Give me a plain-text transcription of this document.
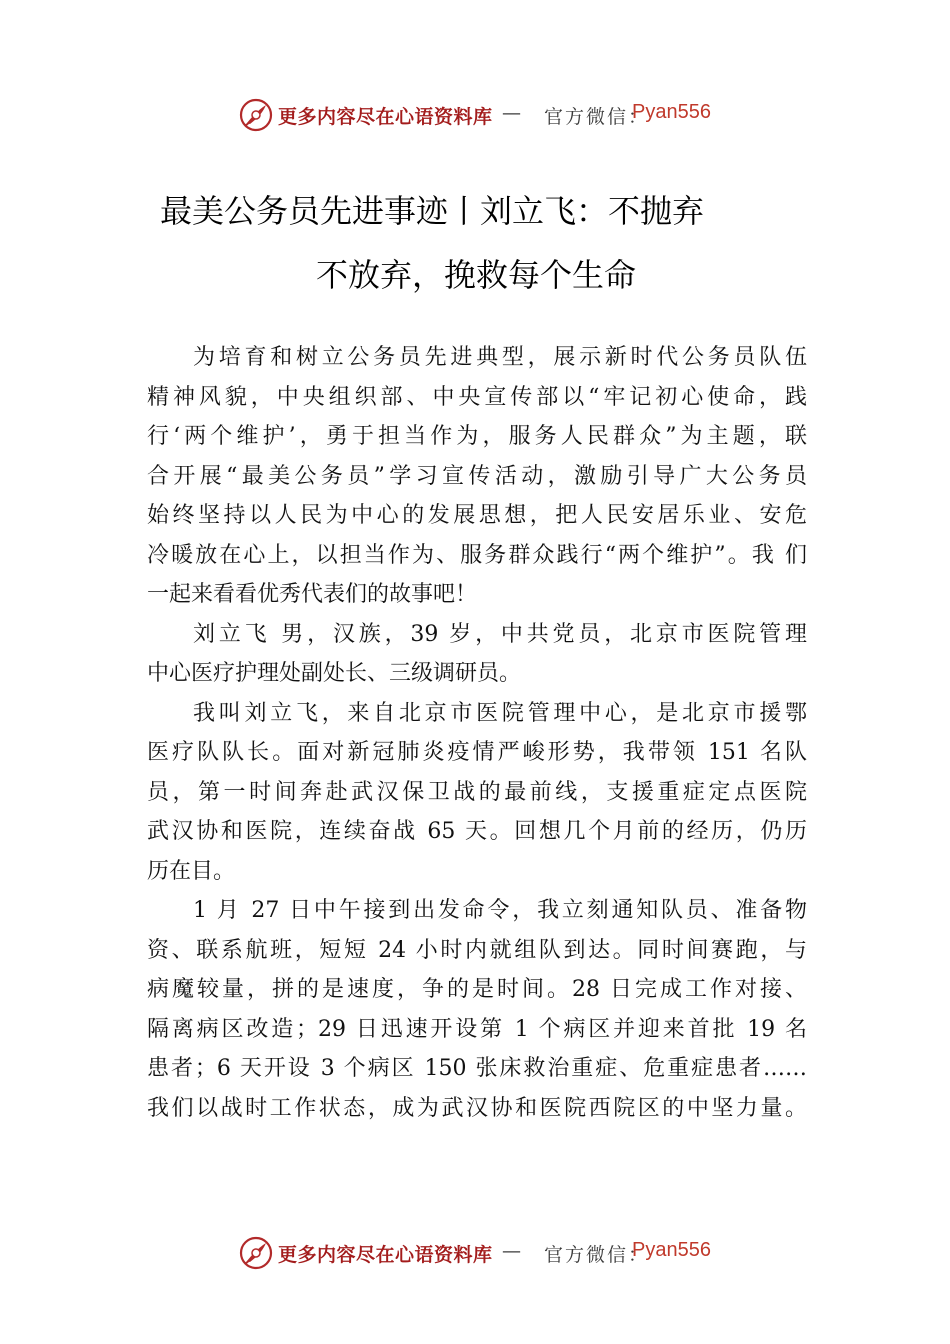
更多内容尽在心语资料库 — 官方微信：
Pyan556
最美公务员先进事迹丨刘立飞：不抛弃
不放弃，挽救每个生命
为培育和树立公务员先进典型，展示新时代公务员队伍
精神风貌，中央组织部、中央宣传部以“牢记初心使命，践
行‘两个维护’，勇于担当作为，服务人民群众”为主题，联
合开展“最美公务员”学习宣传活动，激励引导广大公务员
始终坚持以人民为中心的发展思想，把人民安居乐业、安危
冷暖放在心上，以担当作为、服务群众践行“两个维护”。我 们
一起来看看优秀代表们的故事吧！
刘立飞 男，汉族，39 岁，中共党员，北京市医院管理
中心医疗护理处副处长、三级调研员。
我叫刘立飞，来自北京市医院管理中心，是北京市援鄂
医疗队队长。面对新冠肺炎疫情严峻形势，我带领 151 名队
员，第一时间奔赴武汉保卫战的最前线，支援重症定点医院
武汉协和医院，连续奋战 65 天。回想几个月前的经历，仍历
历在目。
1 月 27 日中午接到出发命令，我立刻通知队员、准备物
资、联系航班，短短 24 小时内就组队到达。同时间赛跑，与
病魔较量，拼的是速度，争的是时间。28 日完成工作对接、
隔离病区改造；29 日迅速开设第 1 个病区并迎来首批 19 名
患者；6 天开设 3 个病区 150 张床救治重症、危重症患者……
我们以战时工作状态，成为武汉协和医院西院区的中坚力量。
更多内容尽在心语资料库 — 官方微信：
Pyan556
